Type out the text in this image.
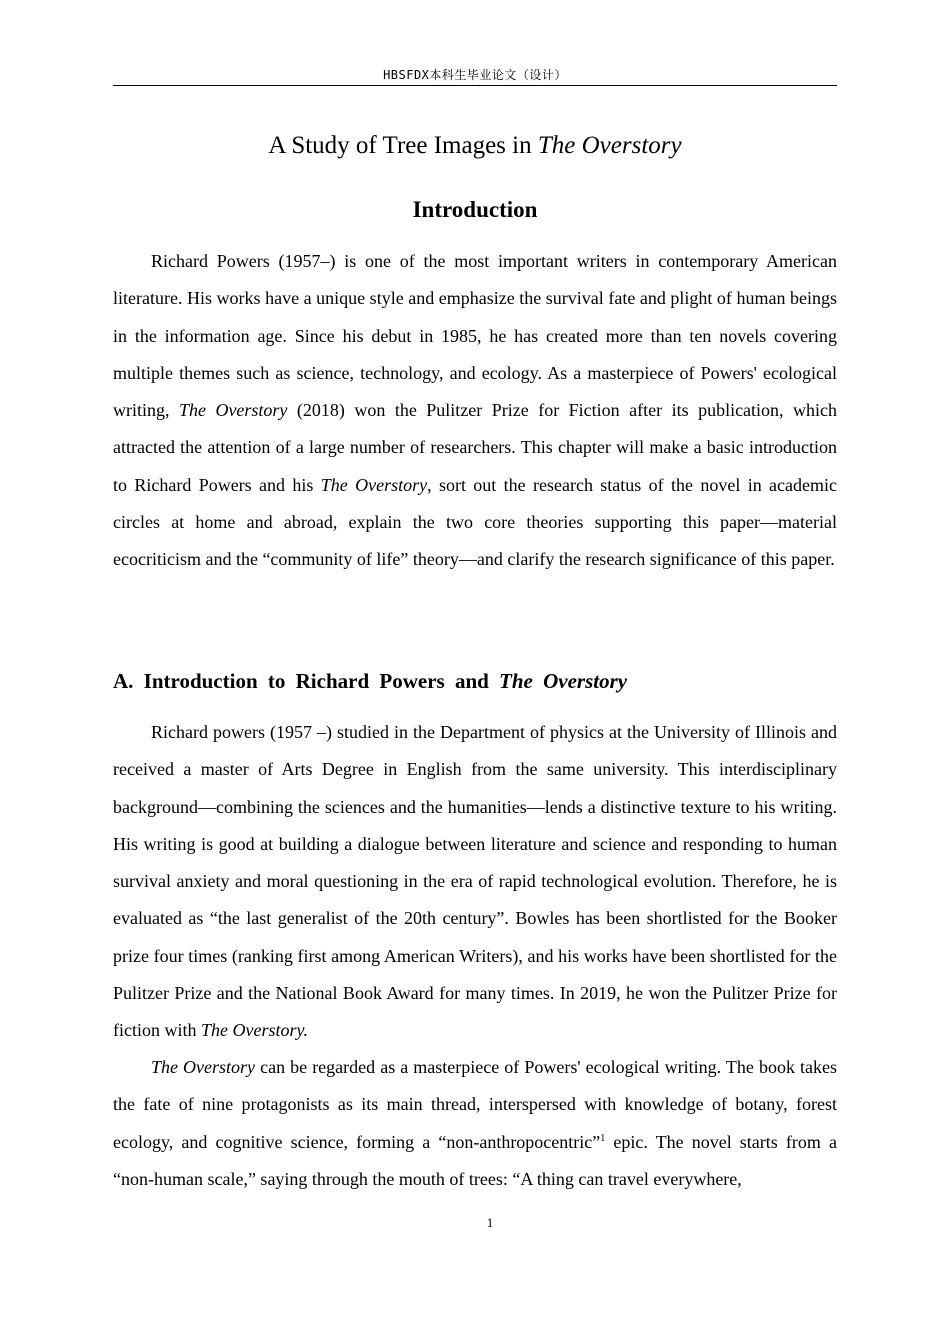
HBSFDX本科生毕业论文（设计）
A Study of Tree Images in The Overstory
Introduction

Richard Powers (1957–) is one of the most important writers in contemporary American literature. His works have a unique style and emphasize the survival fate and plight of human beings in the information age. Since his debut in 1985, he has created more than ten novels covering multiple themes such as science, technology, and ecology. As a masterpiece of Powers' ecological writing, The Overstory (2018) won the Pulitzer Prize for Fiction after its publication, which attracted the attention of a large number of researchers. This chapter will make a basic introduction to Richard Powers and his The Overstory, sort out the research status of the novel in academic circles at home and abroad, explain the two core theories supporting this paper—material ecocriticism and the “community of life” theory—and clarify the research significance of this paper.

A. Introduction to Richard Powers and The Overstory

Richard powers (1957 –) studied in the Department of physics at the University of Illinois and received a master of Arts Degree in English from the same university. This interdisciplinary background—combining the sciences and the humanities—lends a distinctive texture to his writing. His writing is good at building a dialogue between literature and science and responding to human survival anxiety and moral questioning in the era of rapid technological evolution. Therefore, he is evaluated as “the last generalist of the 20th century”. Bowles has been shortlisted for the Booker prize four times (ranking first among American Writers), and his works have been shortlisted for the Pulitzer Prize and the National Book Award for many times. In 2019, he won the Pulitzer Prize for fiction with The Overstory.

The Overstory can be regarded as a masterpiece of Powers' ecological writing. The book takes the fate of nine protagonists as its main thread, interspersed with knowledge of botany, forest ecology, and cognitive science, forming a “non-anthropocentric”$^1$ epic. The novel starts from a “non-human scale,” saying through the mouth of trees: “A thing can travel everywhere,

1
